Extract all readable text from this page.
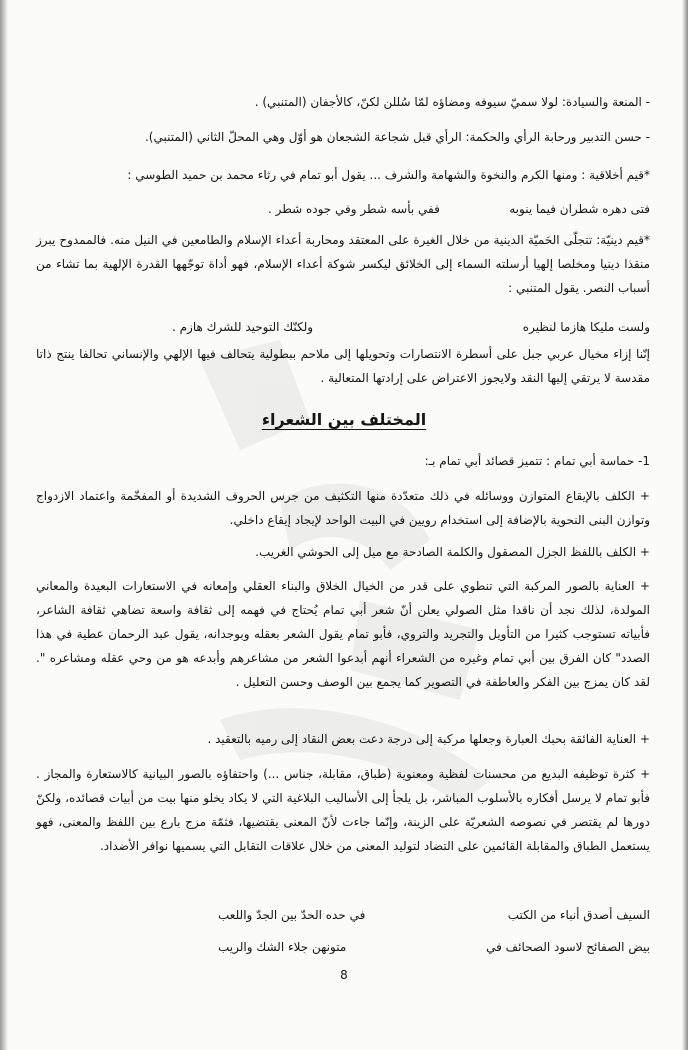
- المنعة والسيادة: لولا سميّ سيوفه ومضاؤه لمّا سُللن لكنّ، كالأجفان (المتنبي) .
- حسن التدبير ورحابة الرأي والحكمة: الرأي قبل شجاعة الشجعان هو أوّل وهي المحلّ الثاني (المتنبي).
*قيم أخلاقية : ومنها الكرم والنخوة والشهامة والشرف ... يقول أبو تمام في رثاء محمد بن حميد الطوسي :
فتى دهره شطران فيما ينوبه
ففي بأسه شطر وفي جوده شطر .
*قيم دينيّة: تتجلّى الحَميّة الدينية من خلال الغيرة على المعتقد ومحاربة أعداء الإسلام والطامعين في النيل منه. فالممدوح يبرز منقذا دينيا ومخلصا إلهيا أرسلته السماء إلى الخلائق ليكسر شوكة أعداء الإسلام، فهو أداة توجّهها القدرة الإلهية بما تشاء من أسباب النصر. يقول المتنبي :
ولست مليكا هازما لنظيره
ولكنّك التوحيد للشرك هازم .
إنّنا إزاء مخيال عربي جبل على أسطرة الانتصارات وتحويلها إلى ملاحم ببطولية يتحالف فيها الإلهي والإنساني تحالفا ينتج ذاتا مقدسة لا يرتقي إليها النقد ولايجوز الاعتراض على إرادتها المتعالية .
المختلف بين الشعراء
1- حماسة أبي تمام : تتميز قصائد أبي تمام بـ:
+ الكلف بالإيقاع المتوازن ووسائله في ذلك متعدّدة منها التكثيف من جرس الحروف الشديدة أو المفخّمة واعتماد الازدواج وتوازن البنى النحوية بالإضافة إلى استخدام رويين في البيت الواحد لإيجاد إيقاع داخلي.
+ الكلف باللفظ الجزل المصقول والكلمة الصادحة مع ميل إلى الحوشي الغريب.
+ العناية بالصور المركبة التي تنطوي على قدر من الخيال الخلاق والبناء العقلي وإمعانه في الاستعارات البعيدة والمعاني المولدة، لذلك نجد أن ناقدا مثل الصولي يعلن أنّ شعر أبي تمام يُحتاج في فهمه إلى ثقافة واسعة تضاهي ثقافة الشاعر، فأبياته تستوجب كثيرا من التأويل والتجريد والتروي، فأبو تمام يقول الشعر بعقله وبوجدانه، يقول عبد الرحمان عطية في هذا الصدد" كان الفرق بين أبي تمام وغيره من الشعراء أنهم أبدعوا الشعر من مشاعرهم وأبدعه هو من وحي عقله ومشاعره ". لقد كان يمزج بين الفكر والعاطفة في التصوير كما يجمع بين الوصف وحسن التعليل .
+ العناية الفائقة بحبك العبارة وجعلها مركبة إلى درجة دعت بعض النقاد إلى رميه بالتعقيد .
+ كثرة توظيفه البديع من محسنات لفظية ومعنوية (طباق، مقابلة، جناس ...) واحتفاؤه بالصور البيانية كالاستعارة والمجاز . فأبو تمام لا يرسل أفكاره بالأسلوب المباشر، بل يلجأ إلى الأساليب البلاغية التي لا يكاد يخلو منها بيت من أبيات قصائده، ولكنّ دورها لم يقتصر في نصوصه الشعريّة على الزينة، وإنّما جاءت لأنّ المعنى يقتضيها، فثمّة مزج بارع بين اللفظ والمعنى، فهو يستعمل الطباق والمقابلة القائمين على التضاد لتوليد المعنى من خلال علاقات التقابل التي يسميها نوافر الأضداد.
السيف أصدق أنباء من الكتب
في حده الحدّ بين الجدّ واللعب
بيض الصفائح لاسود الصحائف في
متونهن جلاء الشك والريب
8
